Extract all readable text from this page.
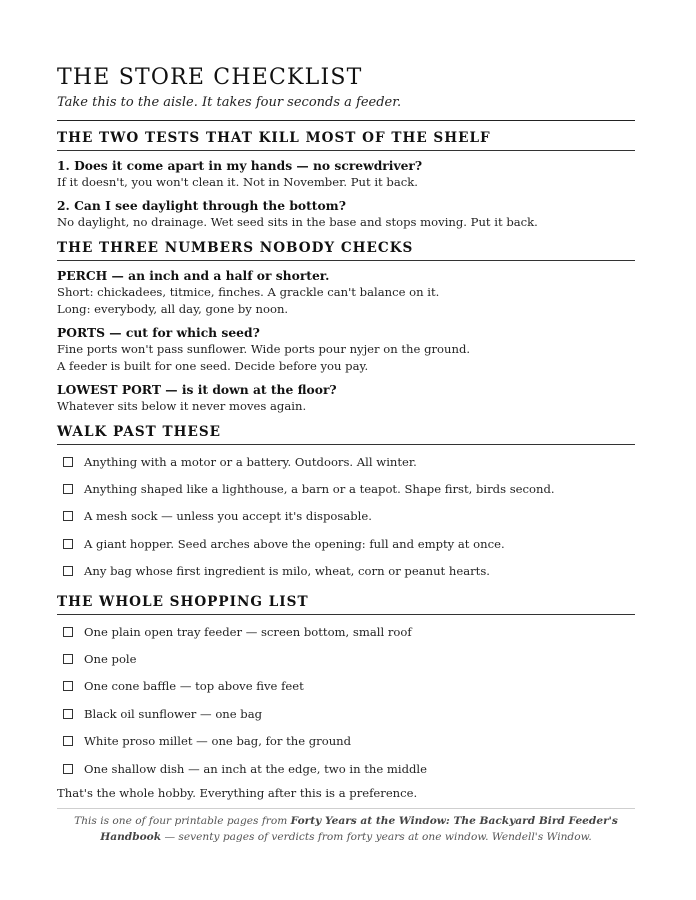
THE STORE CHECKLIST

Take this to the aisle. It takes four seconds a feeder.

THE TWO TESTS THAT KILL MOST OF THE SHELF
1. Does it come apart in my hands — no screwdriver?
If it doesn't, you won't clean it. Not in November. Put it back.
2. Can I see daylight through the bottom?
No daylight, no drainage. Wet seed sits in the base and stops moving. Put it back.
THE THREE NUMBERS NOBODY CHECKS
PERCH — an inch and a half or shorter.
Short: chickadees, titmice, finches. A grackle can't balance on it.
Long: everybody, all day, gone by noon.
PORTS — cut for which seed?
Fine ports won't pass sunflower. Wide ports pour nyjer on the ground.
A feeder is built for one seed. Decide before you pay.
LOWEST PORT — is it down at the floor?
Whatever sits below it never moves again.
WALK PAST THESE
Anything with a motor or a battery. Outdoors. All winter.
Anything shaped like a lighthouse, a barn or a teapot. Shape first, birds second.
A mesh sock — unless you accept it's disposable.
A giant hopper. Seed arches above the opening: full and empty at once.
Any bag whose first ingredient is milo, wheat, corn or peanut hearts.
THE WHOLE SHOPPING LIST
One plain open tray feeder — screen bottom, small roof
One pole
One cone baffle — top above five feet
Black oil sunflower — one bag
White proso millet — one bag, for the ground
One shallow dish — an inch at the edge, two in the middle
That's the whole hobby. Everything after this is a preference.
This is one of four printable pages from Forty Years at the Window: The Backyard Bird Feeder's Handbook — seventy pages of verdicts from forty years at one window. Wendell's Window.
